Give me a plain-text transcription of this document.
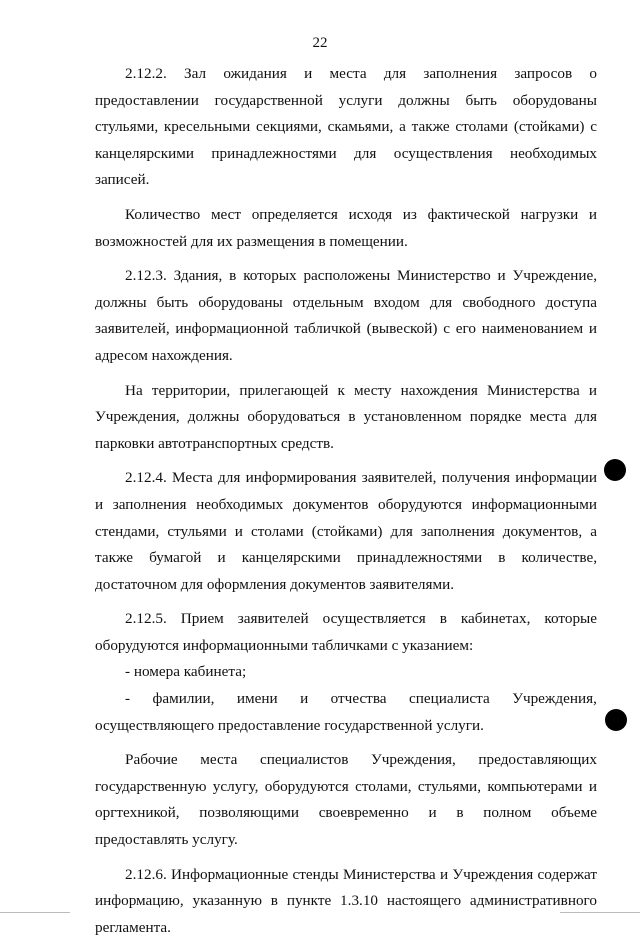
22

2.12.2. Зал ожидания и места для заполнения запросов о предоставлении государственной услуги должны быть оборудованы стульями, кресельными секциями, скамьями, а также столами (стойками) с канцелярскими принадлежностями для осуществления необходимых записей.

Количество мест определяется исходя из фактической нагрузки и возможностей для их размещения в помещении.

2.12.3. Здания, в которых расположены Министерство и Учреждение, должны быть оборудованы отдельным входом для свободного доступа заявителей, информационной табличкой (вывеской) с его наименованием и адресом нахождения.

На территории, прилегающей к месту нахождения Министерства и Учреждения, должны оборудоваться в установленном порядке места для парковки автотранспортных средств.

2.12.4. Места для информирования заявителей, получения информации и заполнения необходимых документов оборудуются информационными стендами, стульями и столами (стойками) для заполнения документов, а также бумагой и канцелярскими принадлежностями в количестве, достаточном для оформления документов заявителями.

2.12.5. Прием заявителей осуществляется в кабинетах, которые оборудуются информационными табличками с указанием:

- номера кабинета;

- фамилии, имени и отчества специалиста Учреждения,

осуществляющего предоставление государственной услуги.

Рабочие места специалистов Учреждения, предоставляющих государственную услугу, оборудуются столами, стульями, компьютерами и оргтехникой, позволяющими своевременно и в полном объеме предоставлять услугу.

2.12.6. Информационные стенды Министерства и Учреждения содержат информацию, указанную в пункте 1.3.10 настоящего административного регламента.
